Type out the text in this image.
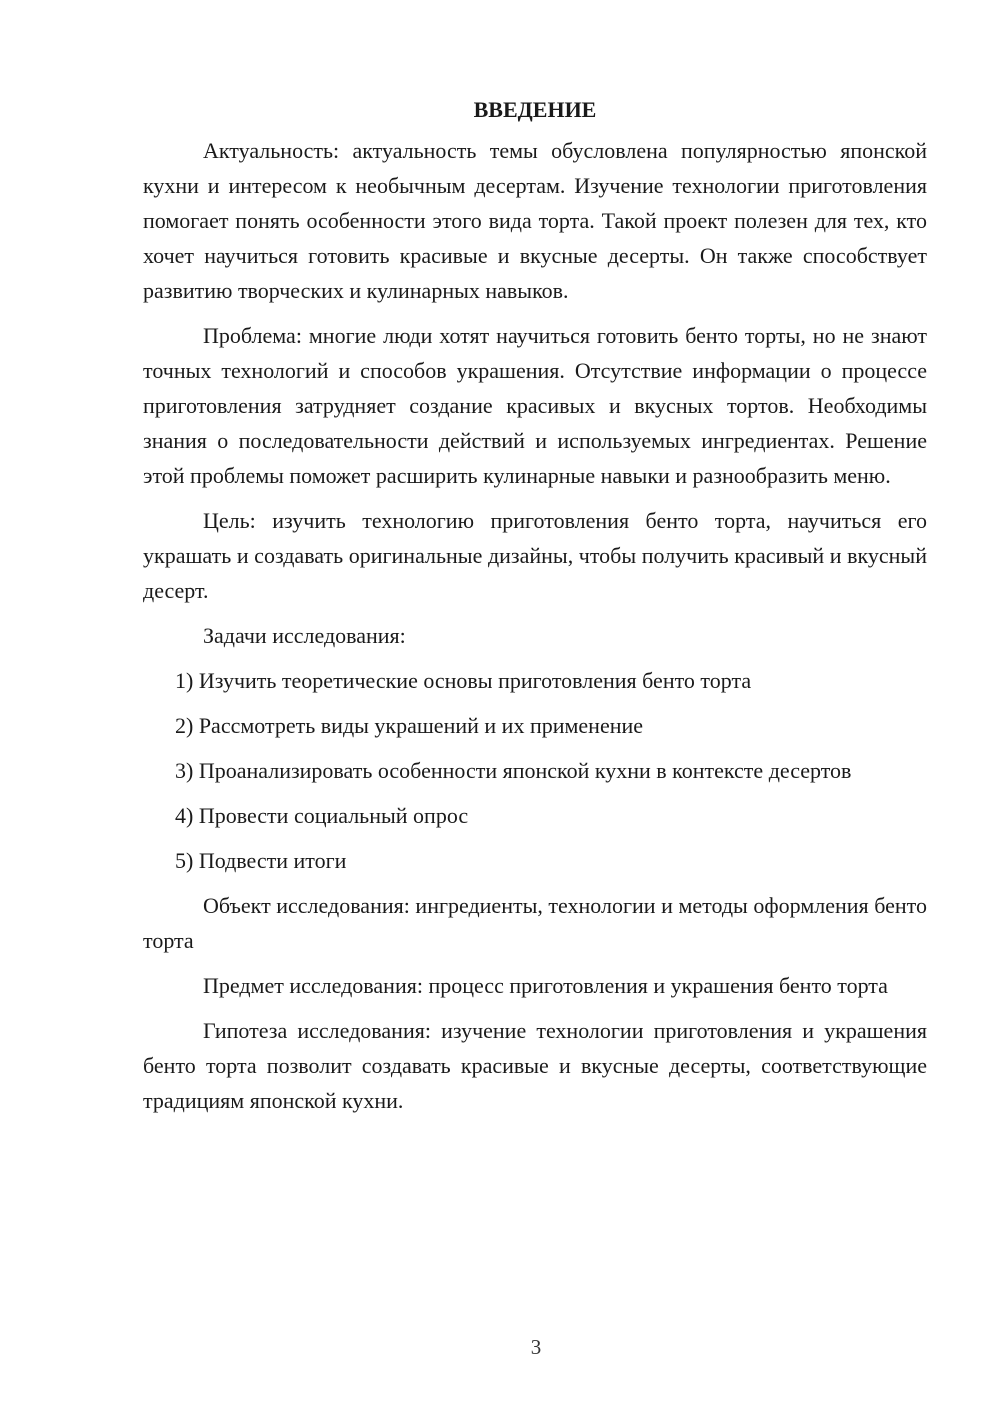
ВВЕДЕНИЕ

Актуальность: актуальность темы обусловлена популярностью японской кухни и интересом к необычным десертам. Изучение технологии приготовления помогает понять особенности этого вида торта. Такой проект полезен для тех, кто хочет научиться готовить красивые и вкусные десерты. Он также способствует развитию творческих и кулинарных навыков.

Проблема: многие люди хотят научиться готовить бенто торты, но не знают точных технологий и способов украшения. Отсутствие информации о процессе приготовления затрудняет создание красивых и вкусных тортов. Необходимы знания о последовательности действий и используемых ингредиентах. Решение этой проблемы поможет расширить кулинарные навыки и разнообразить меню.

Цель: изучить технологию приготовления бенто торта, научиться его украшать и создавать оригинальные дизайны, чтобы получить красивый и вкусный десерт.

Задачи исследования:

1) Изучить теоретические основы приготовления бенто торта

2) Рассмотреть виды украшений и их применение

3) Проанализировать особенности японской кухни в контексте десертов

4) Провести социальный опрос

5) Подвести итоги

Объект исследования: ингредиенты, технологии и методы оформления бенто торта

Предмет исследования: процесс приготовления и украшения бенто торта

Гипотеза исследования: изучение технологии приготовления и украшения бенто торта позволит создавать красивые и вкусные десерты, соответствующие традициям японской кухни.

3
